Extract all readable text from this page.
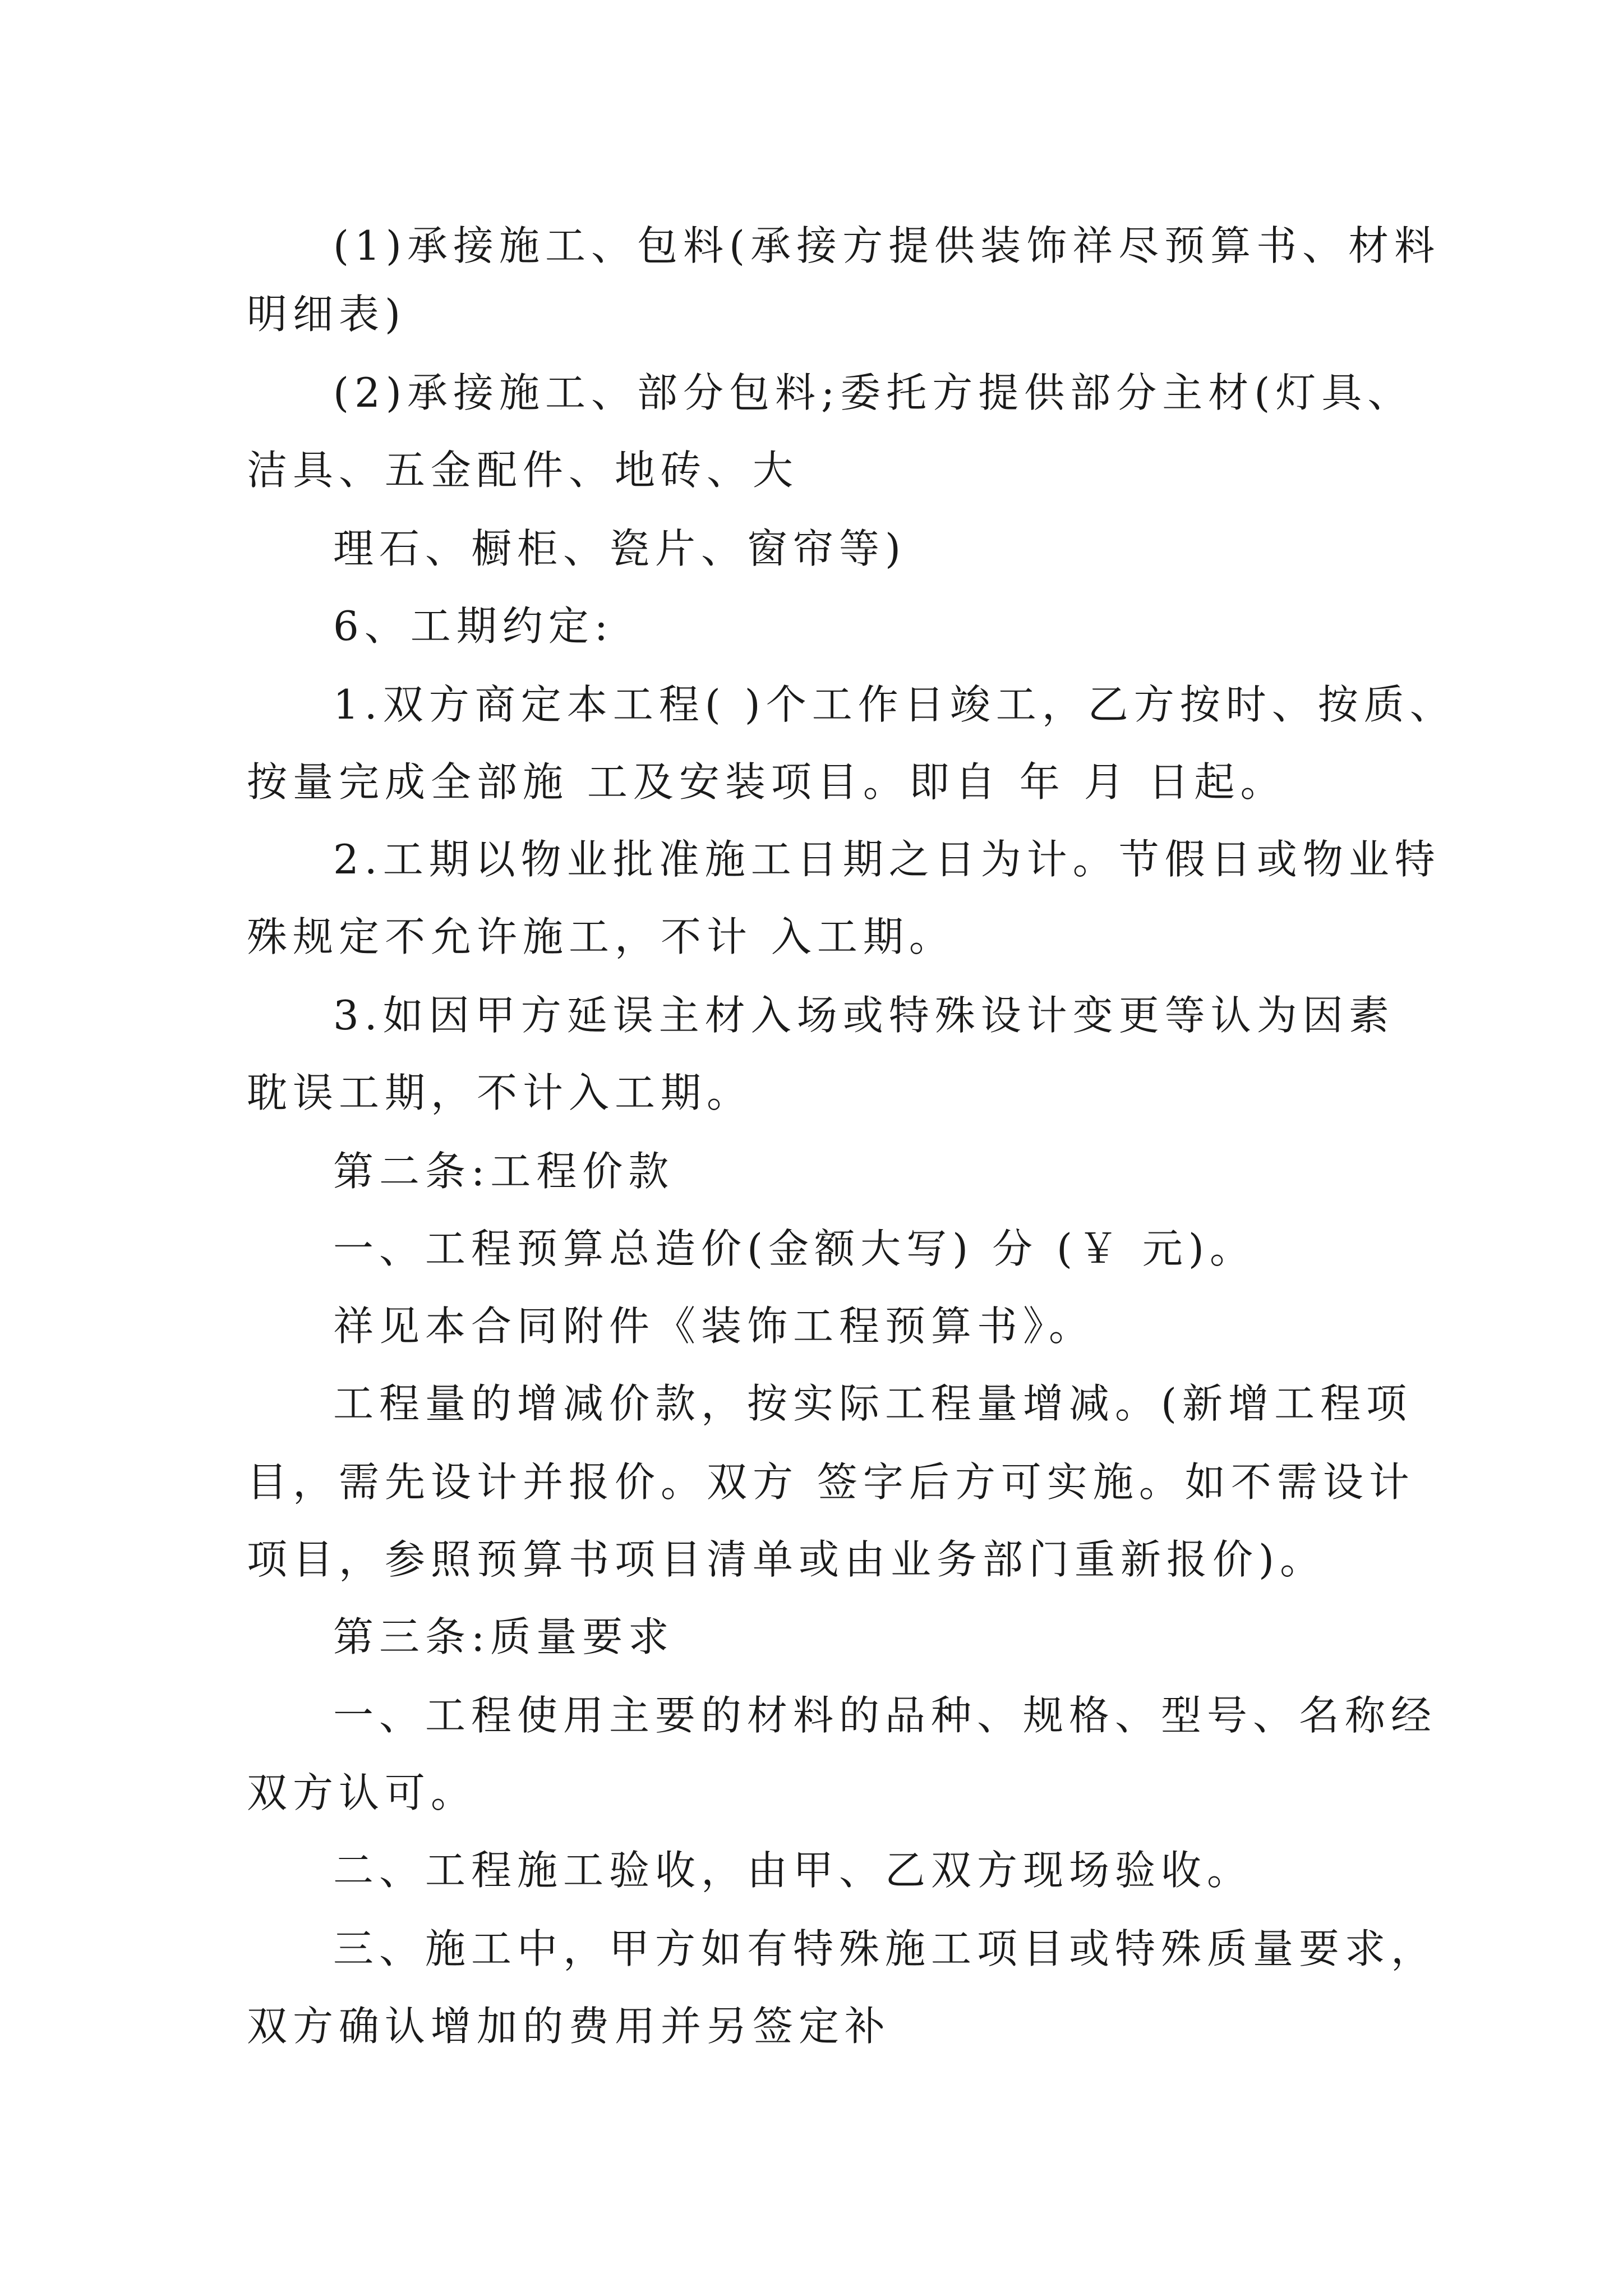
(1)承接施工、包料(承接方提供装饰祥尽预算书、材料
明细表)
(2)承接施工、部分包料;委托方提供部分主材(灯具、
洁具、五金配件、地砖、大
理石、橱柜、瓷片、窗帘等)
6、工期约定:
1.双方商定本工程( )个工作日竣工，乙方按时、按质、
按量完成全部施 工及安装项目。即自 年 月 日起。
2.工期以物业批准施工日期之日为计。节假日或物业特
殊规定不允许施工，不计 入工期。
3.如因甲方延误主材入场或特殊设计变更等认为因素
耽误工期，不计入工期。
第二条:工程价款
一、工程预算总造价(金额大写) 分 (￥ 元)。
祥见本合同附件《装饰工程预算书》。
工程量的增减价款，按实际工程量增减。(新增工程项
目，需先设计并报价。双方 签字后方可实施。如不需设计
项目，参照预算书项目清单或由业务部门重新报价)。
第三条:质量要求
一、工程使用主要的材料的品种、规格、型号、名称经
双方认可。
二、工程施工验收，由甲、乙双方现场验收。
三、施工中，甲方如有特殊施工项目或特殊质量要求，
双方确认增加的费用并另签定补
